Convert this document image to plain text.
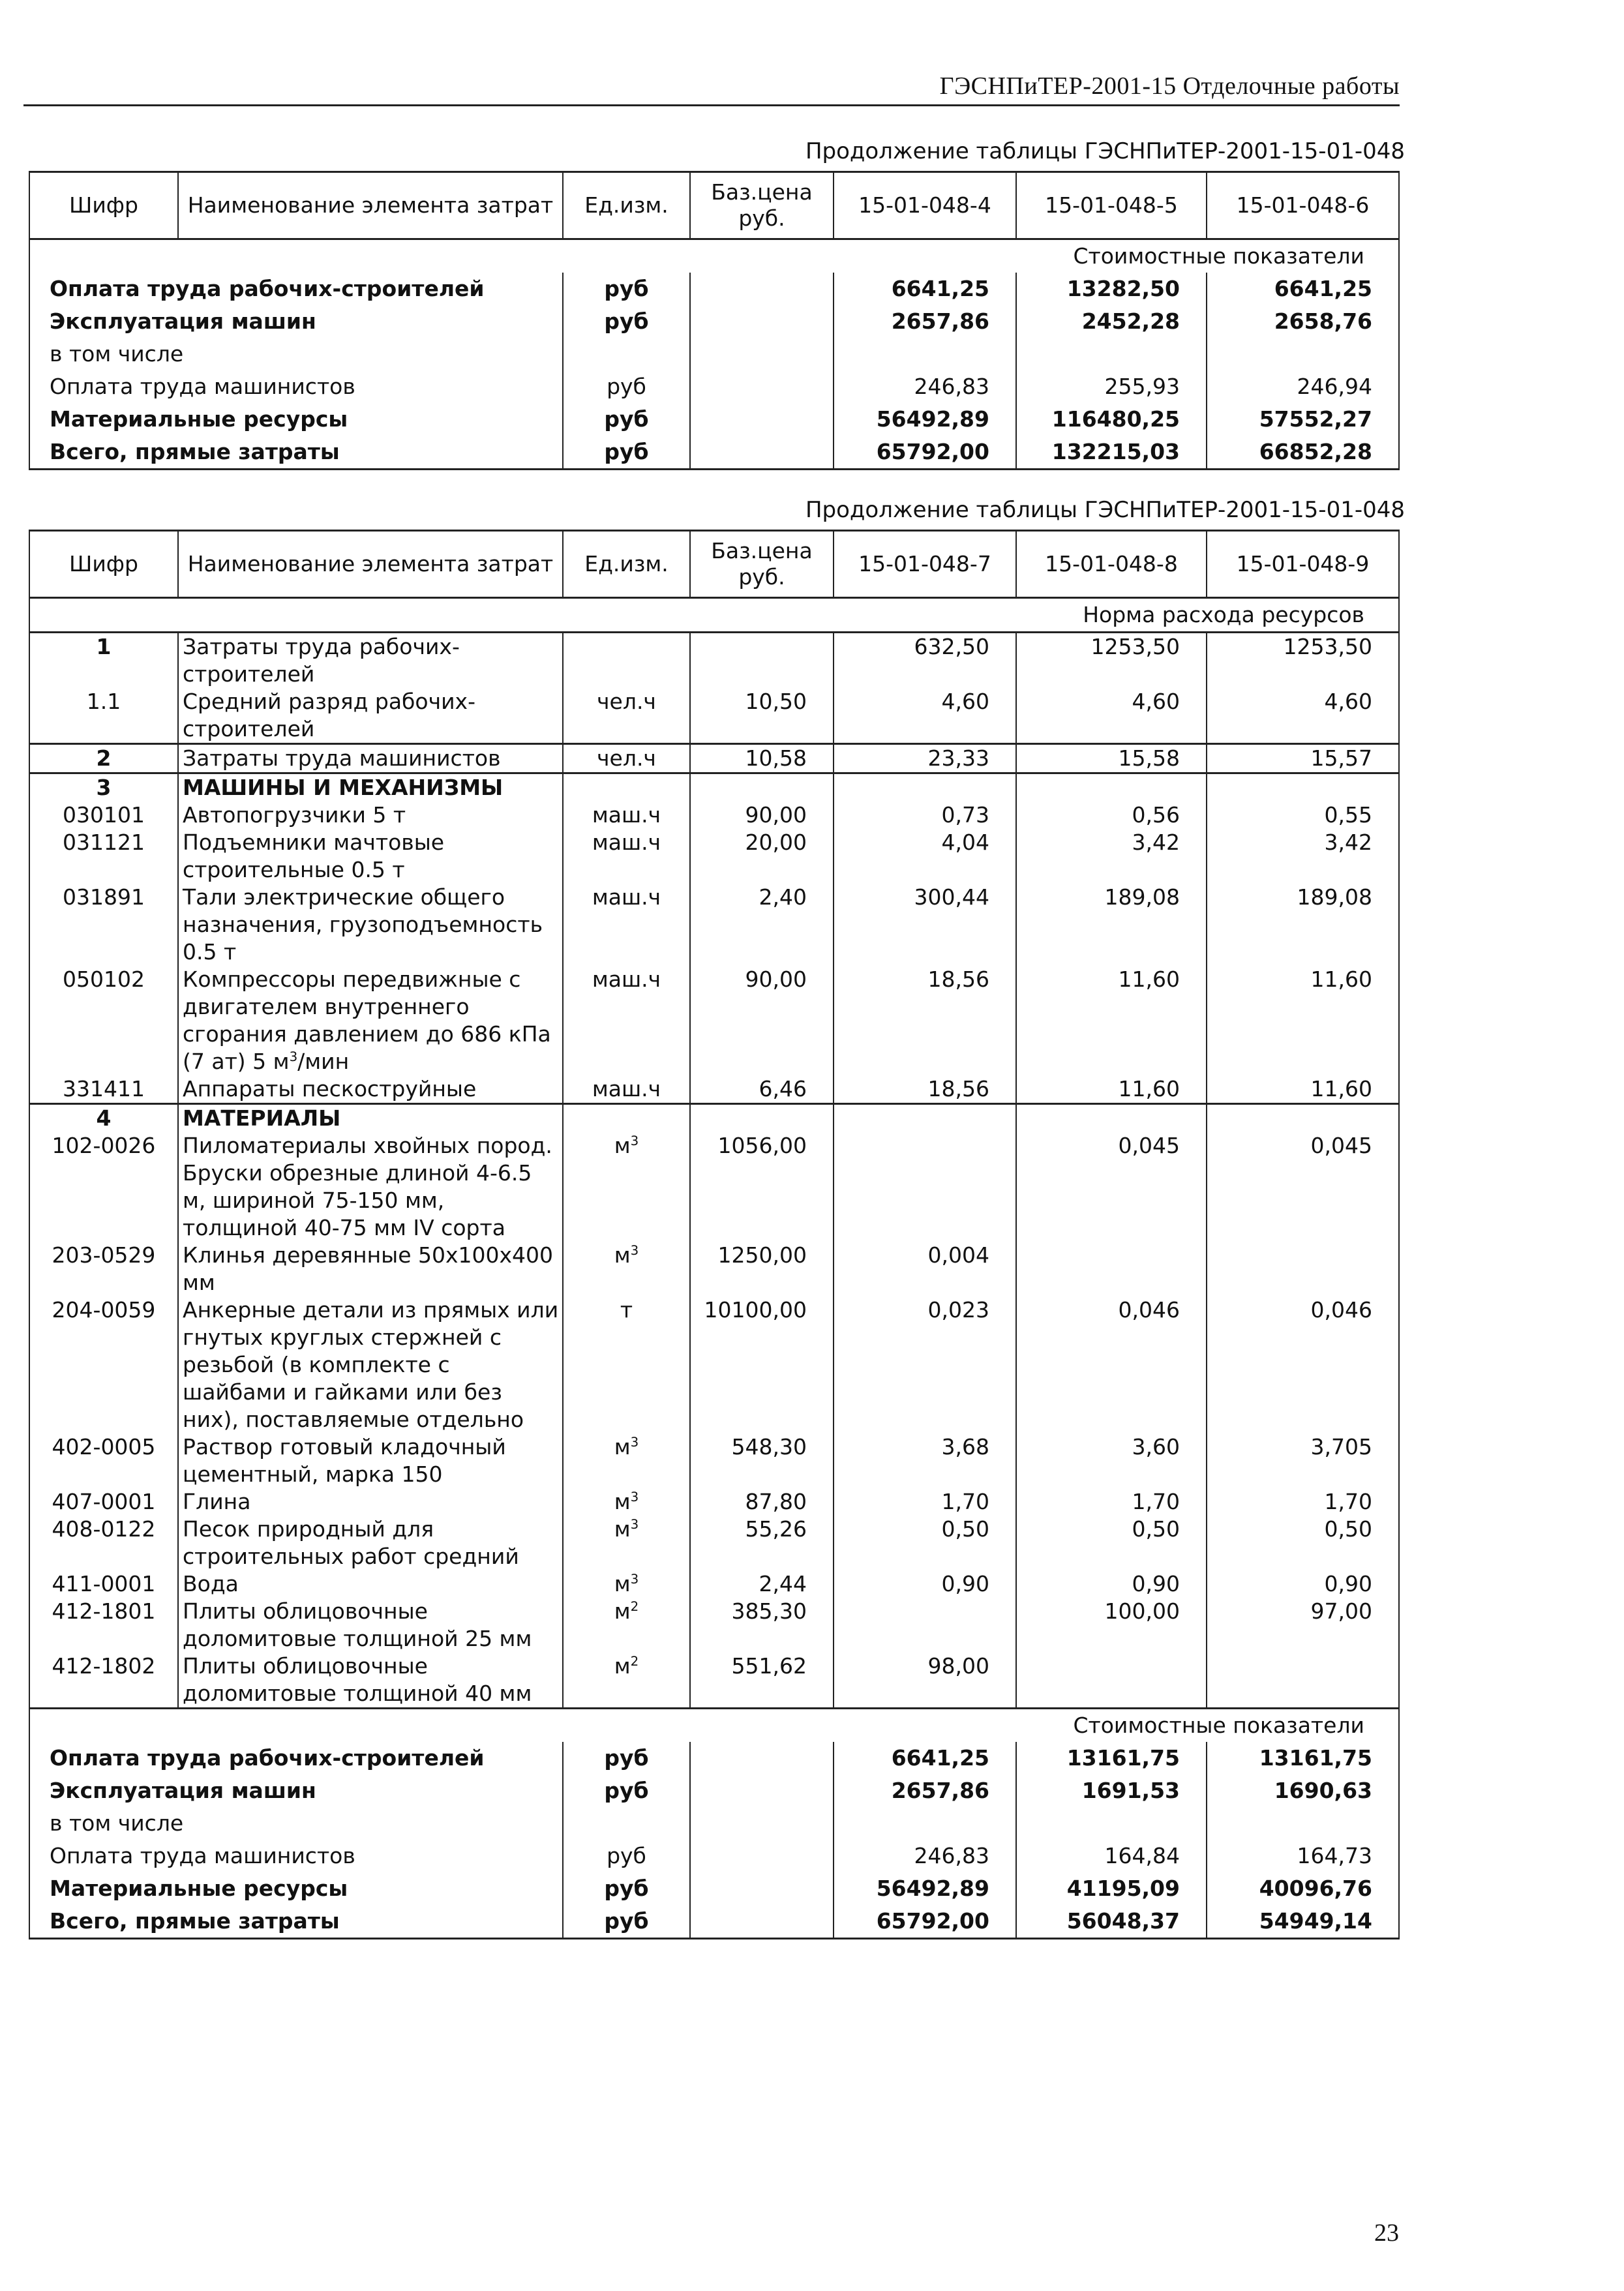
ГЭСНПиТЕР-2001-15 Отделочные работы
Продолжение таблицы ГЭСНПиТЕР-2001-15-01-048
Шифр	Наименование элемента затрат	Ед.изм.	Баз.цена руб.	15-01-048-4	15-01-048-5	15-01-048-6
Стоимостные показатели						
Оплата труда рабочих-строителей		руб		6641,25	13282,50	6641,25
Эксплуатация машин		руб		2657,86	2452,28	2658,76
в том числе						
Оплата труда машинистов		руб		246,83	255,93	246,94
Материальные ресурсы		руб		56492,89	116480,25	57552,27
Всего, прямые затраты		руб		65792,00	132215,03	66852,28
Продолжение таблицы ГЭСНПиТЕР-2001-15-01-048
Шифр	Наименование элемента затрат	Ед.изм.	Баз.цена руб.	15-01-048-7	15-01-048-8	15-01-048-9
Норма расхода ресурсов						
1	Затраты труда рабочих-строителей			632,50	1253,50	1253,50
1.1	Средний разряд рабочих-строителей	чел.ч	10,50	4,60	4,60	4,60
2	Затраты труда машинистов	чел.ч	10,58	23,33	15,58	15,57
3	МАШИНЫ И МЕХАНИЗМЫ					
030101	Автопогрузчики 5 т	маш.ч	90,00	0,73	0,56	0,55
031121	Подъемники мачтовые строительные 0.5 т	маш.ч	20,00	4,04	3,42	3,42
031891	Тали электрические общего назначения, грузоподъемность 0.5 т	маш.ч	2,40	300,44	189,08	189,08
050102	Компрессоры передвижные с двигателем внутреннего сгорания давлением до 686 кПа (7 ат) 5 $м^3$/мин	маш.ч	90,00	18,56	11,60	11,60
331411	Аппараты пескоструйные	маш.ч	6,46	18,56	11,60	11,60
4	МАТЕРИАЛЫ					
102-0026	Пиломатериалы хвойных пород. Бруски обрезные длиной 4-6.5 м, шириной 75-150 мм, толщиной 40-75 мм IV сорта	$м^3$	1056,00		0,045	0,045
203-0529	Клинья деревянные 50х100х400 мм	$м^3$	1250,00	0,004		
204-0059	Анкерные детали из прямых или гнутых круглых стержней с резьбой (в комплекте с шайбами и гайками или без них), поставляемые отдельно	т	10100,00	0,023	0,046	0,046
402-0005	Раствор готовый кладочный цементный, марка 150	$м^3$	548,30	3,68	3,60	3,705
407-0001	Глина	$м^3$	87,80	1,70	1,70	1,70
408-0122	Песок природный для строительных работ средний	$м^3$	55,26	0,50	0,50	0,50
411-0001	Вода	$м^3$	2,44	0,90	0,90	0,90
412-1801	Плиты облицовочные доломитовые толщиной 25 мм	$м^2$	385,30		100,00	97,00
412-1802	Плиты облицовочные доломитовые толщиной 40 мм	$м^2$	551,62	98,00		
Стоимостные показатели						
Оплата труда рабочих-строителей		руб		6641,25	13161,75	13161,75
Эксплуатация машин		руб		2657,86	1691,53	1690,63
в том числе						
Оплата труда машинистов		руб		246,83	164,84	164,73
Материальные ресурсы		руб		56492,89	41195,09	40096,76
Всего, прямые затраты		руб		65792,00	56048,37	54949,14
23
